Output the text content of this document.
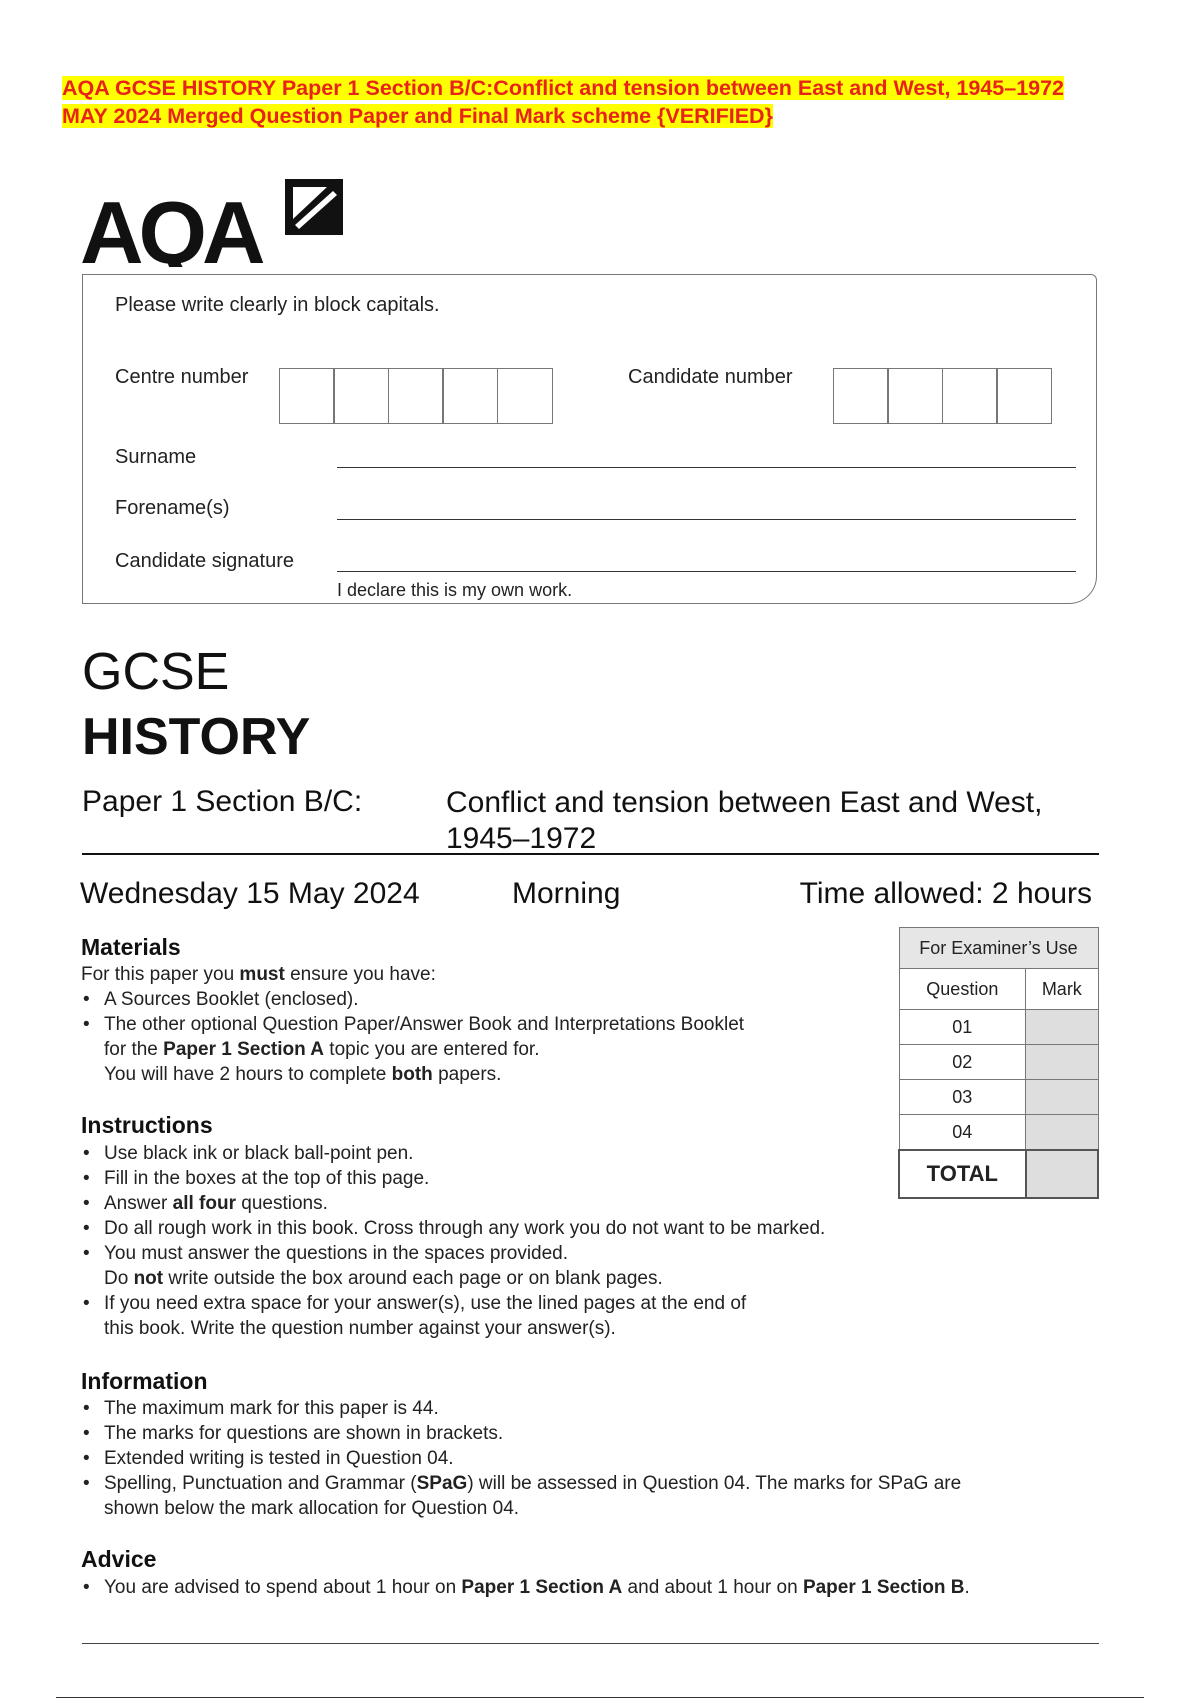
AQA GCSE HISTORY Paper 1 Section B/C:Conflict and tension between East and West, 1945–1972
MAY 2024 Merged Question Paper and Final Mark scheme {VERIFIED}
AQA
Please write clearly in block capitals.
Centre number	Candidate number
Surname
Forename(s)
Candidate signature
I declare this is my own work.
GCSE
HISTORY
Paper 1 Section B/C:	Conflict and tension between East and West,
1945–1972
Wednesday 15 May 2024	Morning	Time allowed: 2 hours
For Examiner’s Use	
Question	Mark
01	
02	
03	
04	
TOTAL	
Materials
For this paper you must ensure you have:
• A Sources Booklet (enclosed).
• The other optional Question Paper/Answer Book and Interpretations Booklet
for the Paper 1 Section A topic you are entered for.
You will have 2 hours to complete both papers.
Instructions
• Use black ink or black ball-point pen.
• Fill in the boxes at the top of this page.
• Answer all four questions.
• Do all rough work in this book. Cross through any work you do not want to be marked.
• You must answer the questions in the spaces provided.
Do not write outside the box around each page or on blank pages.
• If you need extra space for your answer(s), use the lined pages at the end of
this book. Write the question number against your answer(s).
Information
• The maximum mark for this paper is 44.
• The marks for questions are shown in brackets.
• Extended writing is tested in Question 04.
• Spelling, Punctuation and Grammar (SPaG) will be assessed in Question 04. The marks for SPaG are
shown below the mark allocation for Question 04.
Advice
• You are advised to spend about 1 hour on Paper 1 Section A and about 1 hour on Paper 1 Section B.
